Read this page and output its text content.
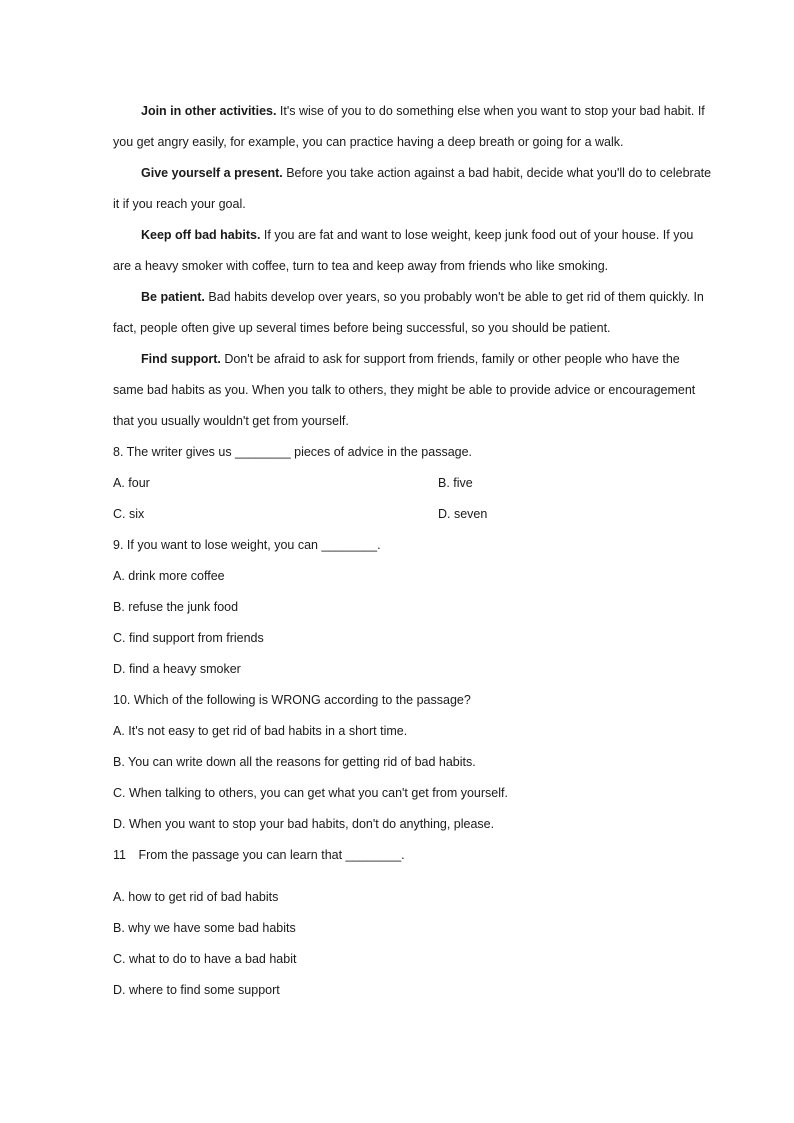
Join in other activities. It's wise of you to do something else when you want to stop your bad habit. If you get angry easily, for example, you can practice having a deep breath or going for a walk.

Give yourself a present. Before you take action against a bad habit, decide what you'll do to celebrate it if you reach your goal.

Keep off bad habits. If you are fat and want to lose weight, keep junk food out of your house. If you are a heavy smoker with coffee, turn to tea and keep away from friends who like smoking.

Be patient. Bad habits develop over years, so you probably won't be able to get rid of them quickly. In fact, people often give up several times before being successful, so you should be patient.

Find support. Don't be afraid to ask for support from friends, family or other people who have the same bad habits as you. When you talk to others, they might be able to provide advice or encouragement that you usually wouldn't get from yourself.

8. The writer gives us ________ pieces of advice in the passage.

A. four	B. five
C. six	D. seven

9. If you want to lose weight, you can ________.

A. drink more coffee

B. refuse the junk food

C. find support from friends

D. find a heavy smoker

10. Which of the following is WRONG according to the passage?

A. It's not easy to get rid of bad habits in a short time.

B. You can write down all the reasons for getting rid of bad habits.

C. When talking to others, you can get what you can't get from yourself.

D. When you want to stop your bad habits, don't do anything, please.

11　From the passage you can learn that ________.

A. how to get rid of bad habits

B. why we have some bad habits

C. what to do to have a bad habit

D. where to find some support
